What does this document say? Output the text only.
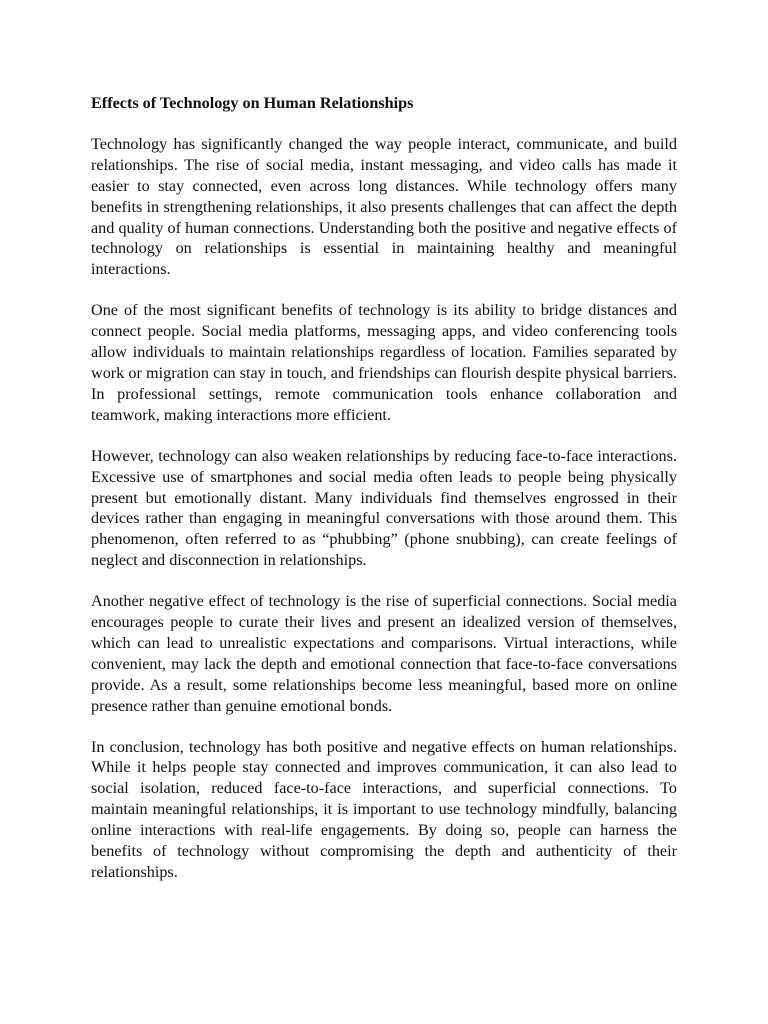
Effects of Technology on Human Relationships

Technology has significantly changed the way people interact, communicate, and build relationships. The rise of social media, instant messaging, and video calls has made it easier to stay connected, even across long distances. While technology offers many benefits in strengthening relationships, it also presents challenges that can affect the depth and quality of human connections. Understanding both the positive and negative effects of technology on relationships is essential in maintaining healthy and meaningful interactions.

One of the most significant benefits of technology is its ability to bridge distances and connect people. Social media platforms, messaging apps, and video conferencing tools allow individuals to maintain relationships regardless of location. Families separated by work or migration can stay in touch, and friendships can flourish despite physical barriers. In professional settings, remote communication tools enhance collaboration and teamwork, making interactions more efficient.

However, technology can also weaken relationships by reducing face-to-face interactions. Excessive use of smartphones and social media often leads to people being physically present but emotionally distant. Many individuals find themselves engrossed in their devices rather than engaging in meaningful conversations with those around them. This phenomenon, often referred to as “phubbing” (phone snubbing), can create feelings of neglect and disconnection in relationships.

Another negative effect of technology is the rise of superficial connections. Social media encourages people to curate their lives and present an idealized version of themselves, which can lead to unrealistic expectations and comparisons. Virtual interactions, while convenient, may lack the depth and emotional connection that face-to-face conversations provide. As a result, some relationships become less meaningful, based more on online presence rather than genuine emotional bonds.

In conclusion, technology has both positive and negative effects on human relationships. While it helps people stay connected and improves communication, it can also lead to social isolation, reduced face-to-face interactions, and superficial connections. To maintain meaningful relationships, it is important to use technology mindfully, balancing online interactions with real-life engagements. By doing so, people can harness the benefits of technology without compromising the depth and authenticity of their relationships.
